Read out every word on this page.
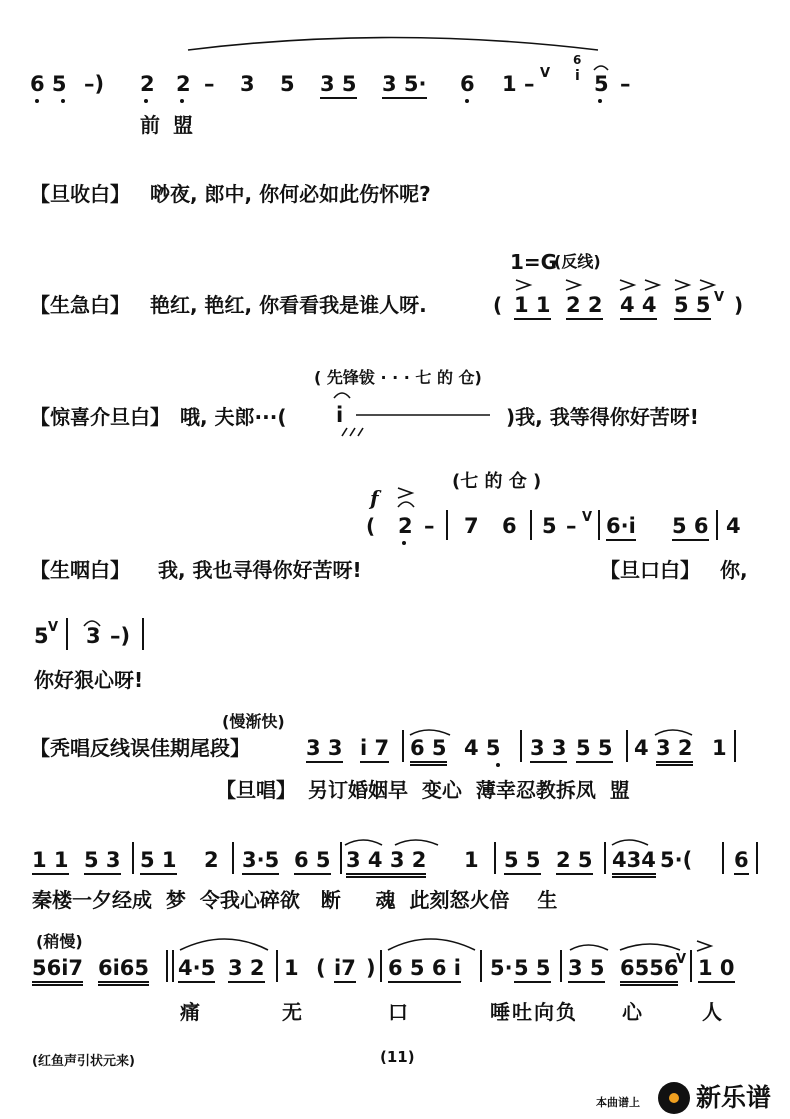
6 5 –) 2 2 – 3 5 3 5 3 5· 6 1 – V
6
i 5 –
前 盟
【旦收白】 唦夜, 郎中, 你何必如此伤怀呢?
1=G
(反线)
【生急白】 艳红, 艳红, 你看看我是谁人呀.	( 1 1 2 2 4 4 5 5 V )
( 先锋钹 · · · 七 的 仓)
【惊喜介旦白】 哦, 夫郎···( i	)我, 我等得你好苦呀!
f
(七 的 仓 )
( 2 – 7 6 5 – V 6·i 5 6 4
【生咽白】 我, 我也寻得你好苦呀!	【旦口白】 你,
5 V 3 –)
你好狠心呀!
(慢渐快)
【秃唱反线误佳期尾段】	3 3 i 7 6 5 4 5 3 3 5 5 4 3 2 1
【旦唱】 另订婚姻早  变心  薄幸忍教拆凤  盟
1 1 5 3 5 1 2 3·5 6 5 3 4 3 2 1 5 5 2 5 434 5·( 6
秦楼一夕经成  梦  令我心碎欲   断     魂  此刻怒火倍    生
(稍慢)
56i7 6i65 4·5 3 2 1 ( i7 ) 6 5 6 i 5· 5 5 3 5 6556
V 1 0
痛	无	口	唾吐向负 心	人
(红鱼声引状元来)	(11)
本曲谱上 新乐谱
